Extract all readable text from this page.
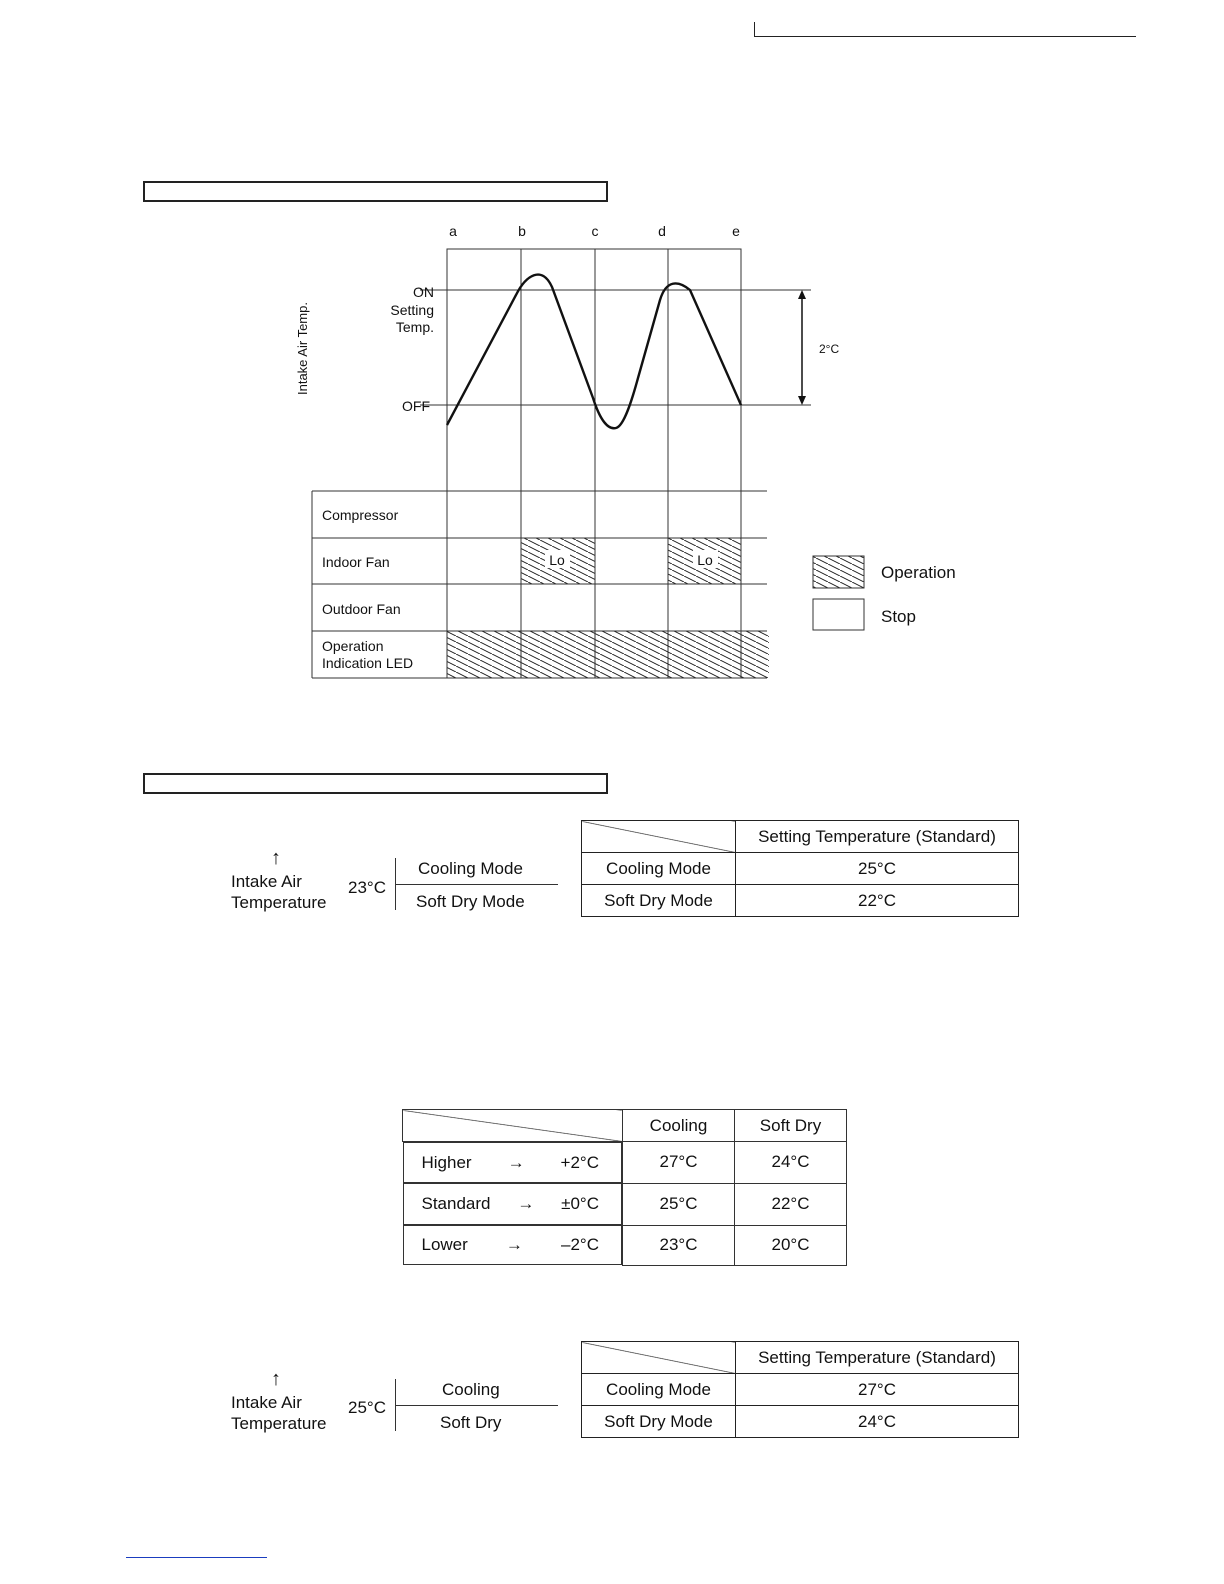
a	b	c	d	e
Intake Air Temp.
ON
Setting
Temp.
OFF
2°C
Lo	Lo
Compressor
Indoor Fan
Outdoor Fan
Operation
Indication LED
Operation
Stop
↑
Intake Air
Temperature
23°C
Cooling Mode
Soft Dry Mode
	Setting Temperature (Standard)
Cooling Mode	25°C
Soft Dry Mode	22°C
	Cooling	Soft Dry

Higher → +2°C	27°C	24°C

Standard → ±0°C	25°C	22°C

Lower → –2°C	23°C	20°C
↑
Intake Air
Temperature
25°C
Cooling
Soft Dry
	Setting Temperature (Standard)
Cooling Mode	27°C
Soft Dry Mode	24°C
